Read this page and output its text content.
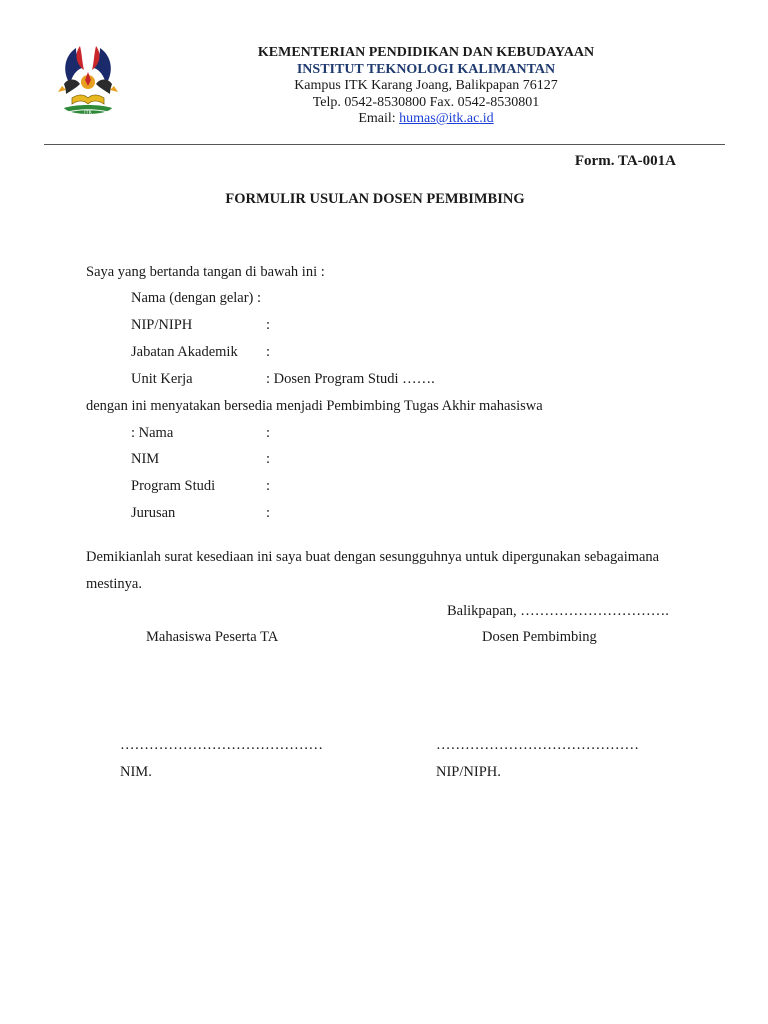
ITK
KEMENTERIAN PENDIDIKAN DAN KEBUDAYAAN
INSTITUT TEKNOLOGI KALIMANTAN
Kampus ITK Karang Joang, Balikpapan 76127
Telp. 0542-8530800 Fax. 0542-8530801
Email: humas@itk.ac.id
Form. TA-001A
FORMULIR USULAN DOSEN PEMBIMBING
Saya yang bertanda tangan di bawah ini :
Nama (dengan gelar) :
NIP/NIPH	:
Jabatan Akademik :
Unit Kerja	: Dosen Program Studi …….
dengan ini menyatakan bersedia menjadi Pembimbing Tugas Akhir mahasiswa
: Nama	:
NIM	:
Program Studi	:
Jurusan	:
Demikianlah surat kesediaan ini saya buat dengan sesungguhnya untuk dipergunakan sebagaimana
mestinya.
Balikpapan, ………………………….
Mahasiswa Peserta TA	Dosen Pembimbing
……………………………………	……………………………………
NIM.	NIP/NIPH.
